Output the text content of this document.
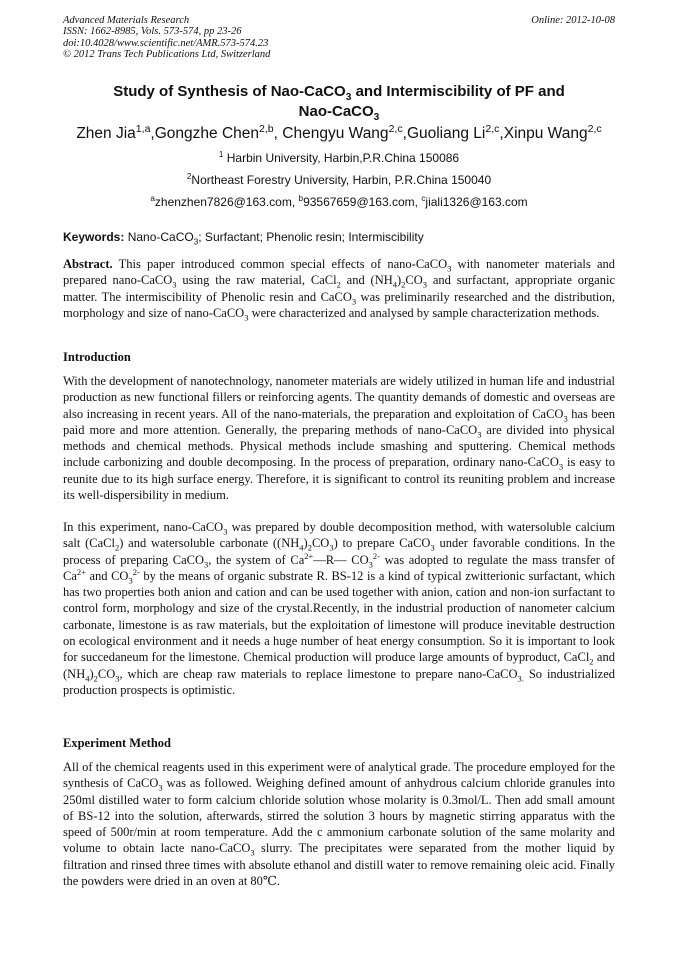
Advanced Materials Research
ISSN: 1662-8985, Vols. 573-574, pp 23-26
doi:10.4028/www.scientific.net/AMR.573-574.23
© 2012 Trans Tech Publications Ltd, Switzerland
Online: 2012-10-08
Study of Synthesis of Nao-CaCO$_3$ and Intermiscibility of PF and
Nao-CaCO$_3$
Zhen Jia$^{1,a}$,Gongzhe Chen$^{2,b}$, Chengyu Wang$^{2,c}$,Guoliang Li$^{2,c}$,Xinpu Wang$^{2,c}$
$^1$ Harbin University, Harbin,P.R.China 150086
$^2$Northeast Forestry University, Harbin, P.R.China 150040
$^a$zhenzhen7826@163.com, $^b$93567659@163.com, $^c$jiali1326@163.com
Keywords: Nano-CaCO$_3$; Surfactant; Phenolic resin; Intermiscibility

Abstract. This paper introduced common special effects of nano-CaCO$_3$ with nanometer materials and prepared nano-CaCO$_3$ using the raw material, CaCl$_2$ and $(NH_4)_2CO_3$ and surfactant, appropriate organic matter. The intermiscibility of Phenolic resin and CaCO$_3$ was preliminarily researched and the distribution, morphology and size of nano-CaCO$_3$ were characterized and analysed by sample characterization methods.

Introduction

With the development of nanotechnology, nanometer materials are widely utilized in human life and industrial production as new functional fillers or reinforcing agents. The quantity demands of domestic and overseas are also increasing in recent years. All of the nano-materials, the preparation and exploitation of CaCO$_3$ has been paid more and more attention. Generally, the preparing methods of nano-CaCO$_3$ are divided into physical methods and chemical methods. Physical methods include smashing and sputtering. Chemical methods include carbonizing and double decomposing. In the process of preparation, ordinary nano-CaCO$_3$ is easy to reunite due to its high surface energy. Therefore, it is significant to control its reuniting problem and increase its well-dispersibility in medium.

In this experiment, nano-CaCO$_3$ was prepared by double decomposition method, with watersoluble calcium salt (CaCl$_2$) and watersoluble carbonate $((NH_4)_2CO_3)$ to prepare CaCO$_3$ under favorable conditions. In the process of preparing CaCO$_3$, the system of $Ca^{2+}—R—$ $CO_3^{2-}$ was adopted to regulate the mass transfer of $Ca^{2+}$ and $CO_3^{2-}$ by the means of organic substrate R. BS-12 is a kind of typical zwitterionic surfactant, which has two properties both anion and cation and can be used together with anion, cation and non-ion surfactant to control form, morphology and size of the crystal.Recently, in the industrial production of nanometer calcium carbonate, limestone is as raw materials, but the exploitation of limestone will produce inevitable destruction on ecological environment and it needs a huge number of heat energy consumption. So it is important to look for succedaneum for the limestone. Chemical production will produce large amounts of byproduct, CaCl$_2$ and $(NH_4)_2CO_3$, which are cheap raw materials to replace limestone to prepare nano-CaCO$_{3.}$ So industrialized production prospects is optimistic.

Experiment Method

All of the chemical reagents used in this experiment were of analytical grade. The procedure employed for the synthesis of CaCO$_3$ was as followed. Weighing defined amount of anhydrous calcium chloride granules into 250ml distilled water to form calcium chloride solution whose molarity is 0.3mol/L. Then add small amount of BS-12 into the solution, afterwards, stirred the solution 3 hours by magnetic stirring apparatus with the speed of 500r/min at room temperature. Add the c ammonium carbonate solution of the same molarity and volume to obtain lacte nano-CaCO$_3$ slurry. The precipitates were separated from the mother liquid by filtration and rinsed three times with absolute ethanol and distill water to remove remaining oleic acid. Finally the powders were dried in an oven at 80℃.
